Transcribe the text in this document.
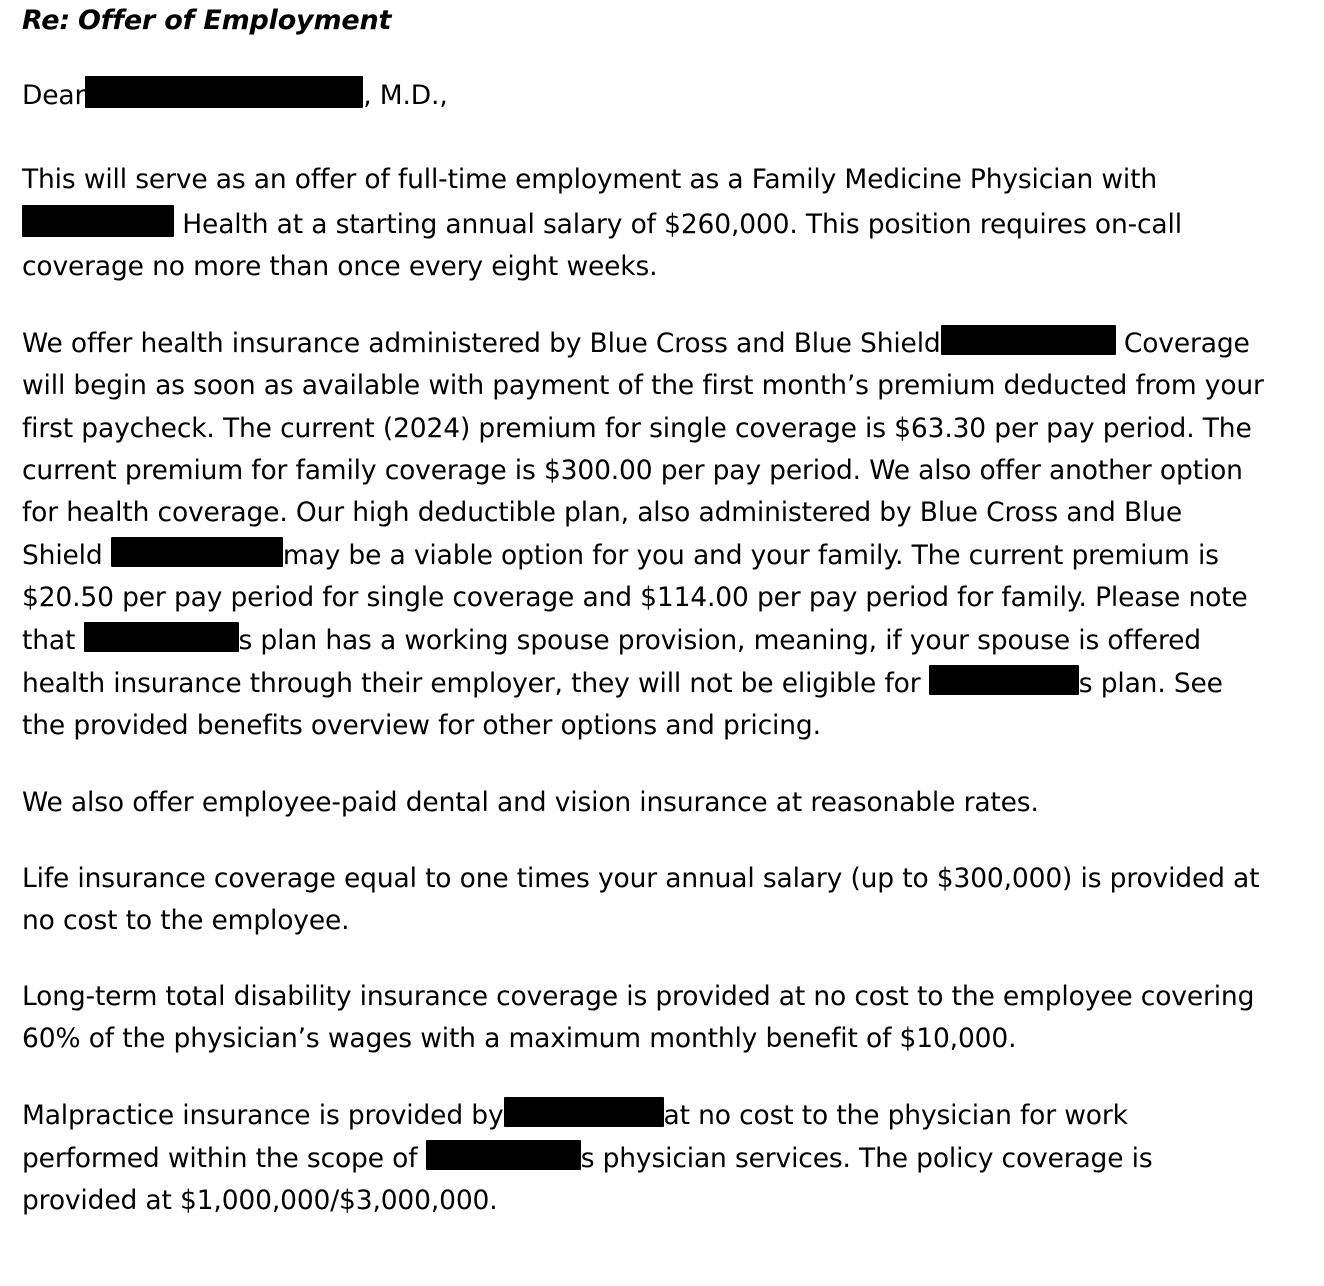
Re: Offer of Employment

Dear	, M.D.,

This will serve as an offer of full-time employment as a Family Medicine Physician with  Health at a starting annual salary of $260,000. This position requires on-call coverage no more than once every eight weeks.

We offer health insurance administered by Blue Cross and Blue Shield	Coverage will begin as soon as available with payment of the first month’s premium deducted from your first paycheck. The current (2024) premium for single coverage is $63.30 per pay period. The current premium for family coverage is $300.00 per pay period. We also offer another option for health coverage. Our high deductible plan, also administered by Blue Cross and Blue Shield	may be a viable option for you and your family. The current premium is $20.50 per pay period for single coverage and $114.00 per pay period for family. Please note that	s plan has a working spouse provision, meaning, if your spouse is offered health insurance through their employer, they will not be eligible for	s plan. See the provided benefits overview for other options and pricing.

We also offer employee-paid dental and vision insurance at reasonable rates.

Life insurance coverage equal to one times your annual salary (up to $300,000) is provided at no cost to the employee.

Long-term total disability insurance coverage is provided at no cost to the employee covering 60% of the physician’s wages with a maximum monthly benefit of $10,000.

Malpractice insurance is provided by	at no cost to the physician for work performed within the scope of	s physician services. The policy coverage is provided at $1,000,000/$3,000,000.
